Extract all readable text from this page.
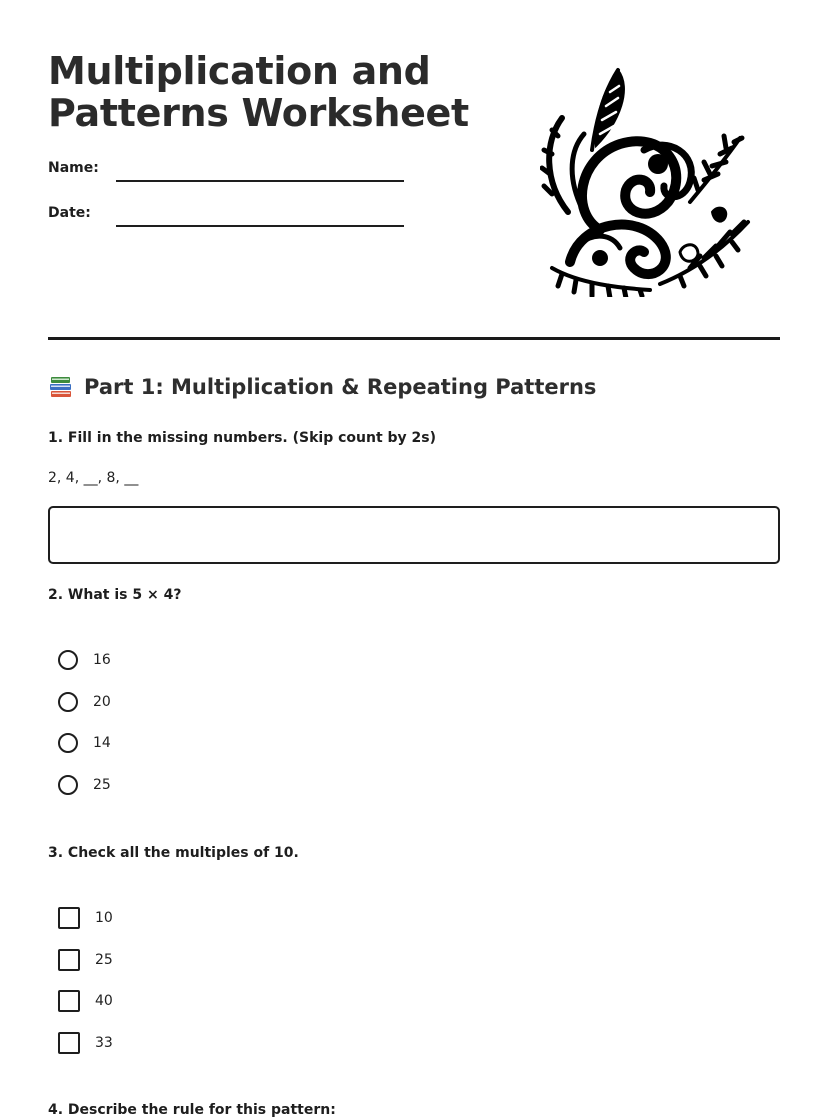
Multiplication and
Patterns Worksheet
Name:
Date:
Part 1: Multiplication & Repeating Patterns
1. Fill in the missing numbers. (Skip count by 2s)
2, 4, __, 8, __
2. What is 5 × 4?
16
20
14
25
3. Check all the multiples of 10.
10
25
40
33
4. Describe the rule for this pattern:
